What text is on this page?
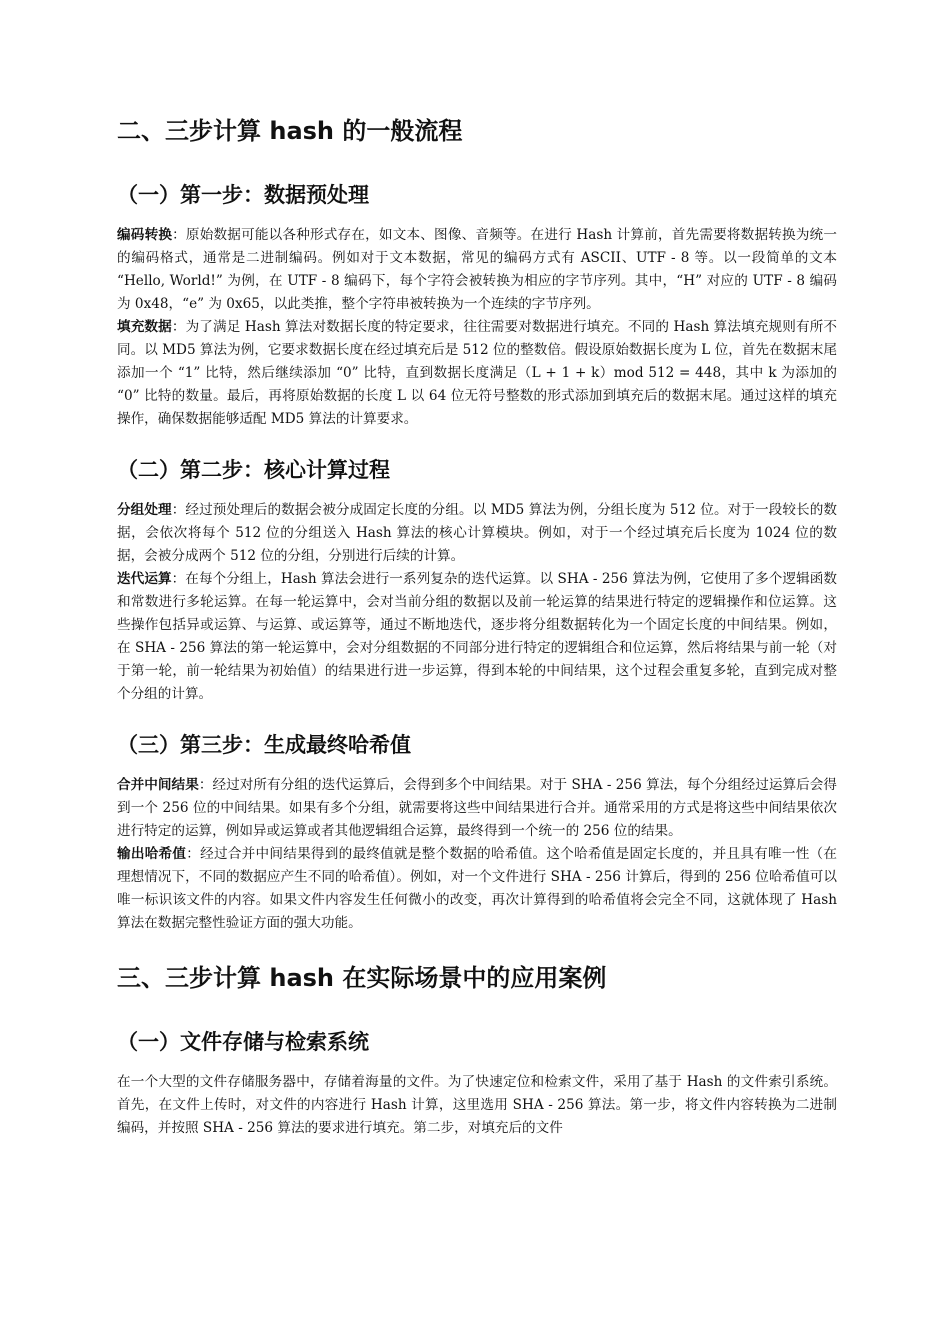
二、三步计算 hash 的一般流程
（一）第一步：数据预处理

编码转换：原始数据可能以各种形式存在，如文本、图像、音频等。在进行 Hash 计算前，首先需要将数据转换为统一的编码格式，通常是二进制编码。例如对于文本数据，常见的编码方式有 ASCII、UTF - 8 等。以一段简单的文本 “Hello, World!” 为例，在 UTF - 8 编码下，每个字符会被转换为相应的字节序列。其中，“H” 对应的 UTF - 8 编码为 0x48，“e” 为 0x65，以此类推，整个字符串被转换为一个连续的字节序列。

填充数据：为了满足 Hash 算法对数据长度的特定要求，往往需要对数据进行填充。不同的 Hash 算法填充规则有所不同。以 MD5 算法为例，它要求数据长度在经过填充后是 512 位的整数倍。假设原始数据长度为 L 位，首先在数据末尾添加一个 “1” 比特，然后继续添加 “0” 比特，直到数据长度满足（L + 1 + k）mod 512 = 448，其中 k 为添加的 “0” 比特的数量。最后，再将原始数据的长度 L 以 64 位无符号整数的形式添加到填充后的数据末尾。通过这样的填充操作，确保数据能够适配 MD5 算法的计算要求。

（二）第二步：核心计算过程

分组处理：经过预处理后的数据会被分成固定长度的分组。以 MD5 算法为例，分组长度为 512 位。对于一段较长的数据，会依次将每个 512 位的分组送入 Hash 算法的核心计算模块。例如，对于一个经过填充后长度为 1024 位的数据，会被分成两个 512 位的分组，分别进行后续的计算。

迭代运算：在每个分组上，Hash 算法会进行一系列复杂的迭代运算。以 SHA - 256 算法为例，它使用了多个逻辑函数和常数进行多轮运算。在每一轮运算中，会对当前分组的数据以及前一轮运算的结果进行特定的逻辑操作和位运算。这些操作包括异或运算、与运算、或运算等，通过不断地迭代，逐步将分组数据转化为一个固定长度的中间结果。例如，在 SHA - 256 算法的第一轮运算中，会对分组数据的不同部分进行特定的逻辑组合和位运算，然后将结果与前一轮（对于第一轮，前一轮结果为初始值）的结果进行进一步运算，得到本轮的中间结果，这个过程会重复多轮，直到完成对整个分组的计算。

（三）第三步：生成最终哈希值

合并中间结果：经过对所有分组的迭代运算后，会得到多个中间结果。对于 SHA - 256 算法，每个分组经过运算后会得到一个 256 位的中间结果。如果有多个分组，就需要将这些中间结果进行合并。通常采用的方式是将这些中间结果依次进行特定的运算，例如异或运算或者其他逻辑组合运算，最终得到一个统一的 256 位的结果。

输出哈希值：经过合并中间结果得到的最终值就是整个数据的哈希值。这个哈希值是固定长度的，并且具有唯一性（在理想情况下，不同的数据应产生不同的哈希值）。例如，对一个文件进行 SHA - 256 计算后，得到的 256 位哈希值可以唯一标识该文件的内容。如果文件内容发生任何微小的改变，再次计算得到的哈希值将会完全不同，这就体现了 Hash 算法在数据完整性验证方面的强大功能。

三、三步计算 hash 在实际场景中的应用案例
（一）文件存储与检索系统

在一个大型的文件存储服务器中，存储着海量的文件。为了快速定位和检索文件，采用了基于 Hash 的文件索引系统。首先，在文件上传时，对文件的内容进行 Hash 计算，这里选用 SHA - 256 算法。第一步，将文件内容转换为二进制编码，并按照 SHA - 256 算法的要求进行填充。第二步，对填充后的文件
